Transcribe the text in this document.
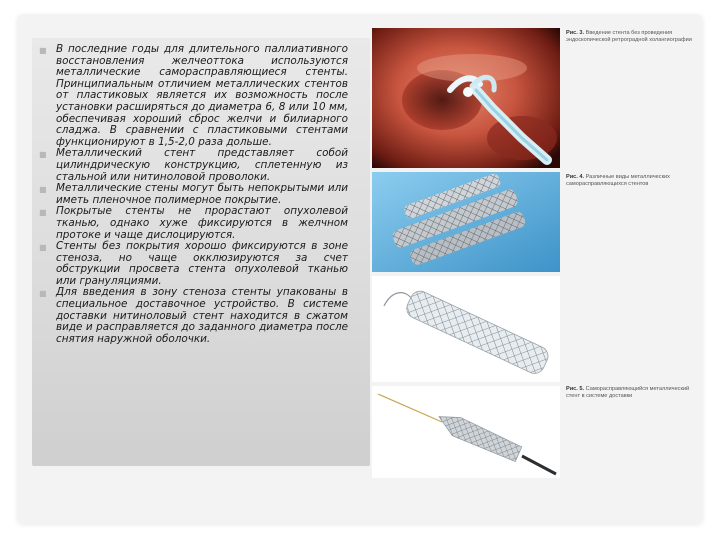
■ В последние годы для длительного паллиативного восстановления желчеоттока используются металлические саморасправляющиеся стенты. Принципиальным отличием металлических стентов от пластиковых является их возможность после установки расширяться до диаметра 6, 8 или 10 мм, обеспечивая хороший сброс желчи и билиарного сладжа. В сравнении с пластиковыми стентами функционируют в 1,5-2,0 раза дольше.
■ Металлический стент представляет собой цилиндрическую конструкцию, сплетенную из стальной или нитиноловой проволоки.
■ Металлические стены могут быть непокрытыми или иметь пленочное полимерное покрытие.
■ Покрытые стенты не прорастают опухолевой тканью, однако хуже фиксируются в желчном протоке и чаще дислоцируются.
■ Стенты без покрытия хорошо фиксируются в зоне стеноза, но чаще окклюзируются за счет обструкции просвета стента опухолевой тканью или грануляциями.
■ Для введения в зону стеноза стенты упакованы в специальное доставочное устройство. В системе доставки нитиноловый стент находится в сжатом виде и расправляется до заданного диаметра после снятия наружной оболочки.
Рис. 3. Введение стента без проведения эндоскопической ретроградной холангиографии
Рис. 4. Различные виды металлических саморасправляющихся стентов
Рис. 5. Саморасправляющийся металлический стент в системе доставки
